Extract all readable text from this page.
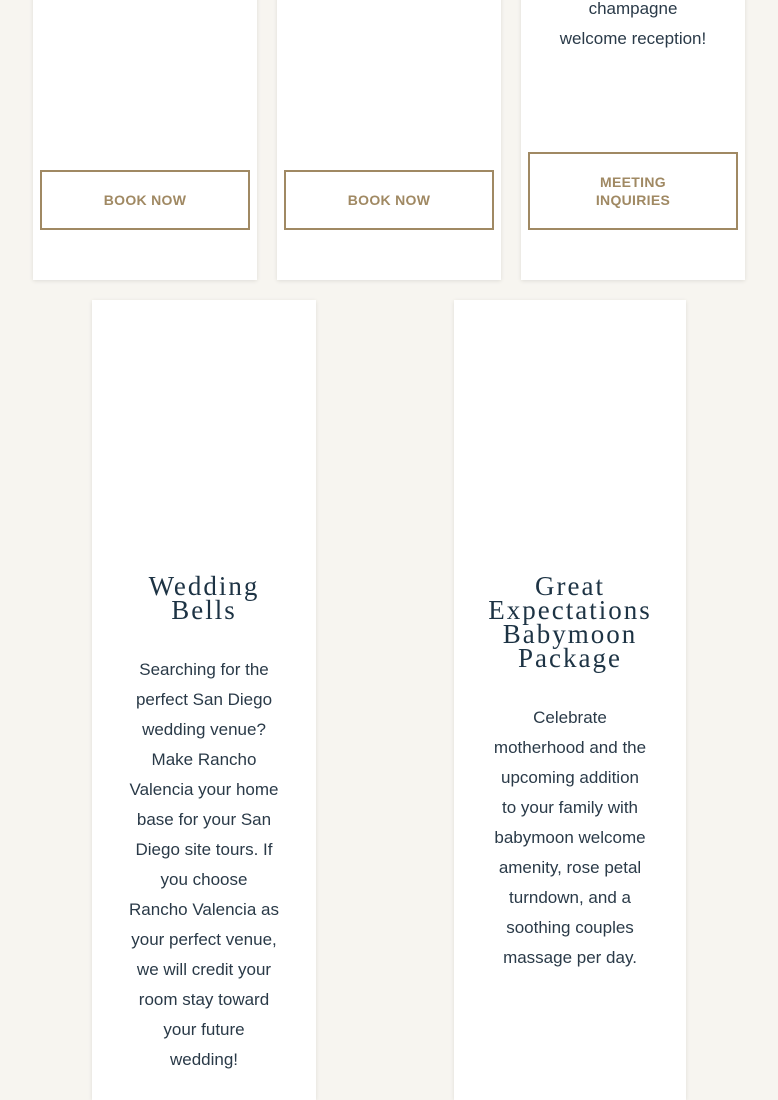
BOOK NOW	BOOK NOW
champagne
welcome reception!
MEETING
INQUIRIES
Wedding
Bells
Searching for the
perfect San Diego
wedding venue?
Make Rancho
Valencia your home
base for your San
Diego site tours. If
you choose
Rancho Valencia as
your perfect venue,
we will credit your
room stay toward
your future
wedding!
Great
Expectations
Babymoon
Package
Celebrate
motherhood and the
upcoming addition
to your family with
babymoon welcome
amenity, rose petal
turndown, and a
soothing couples
massage per day.
